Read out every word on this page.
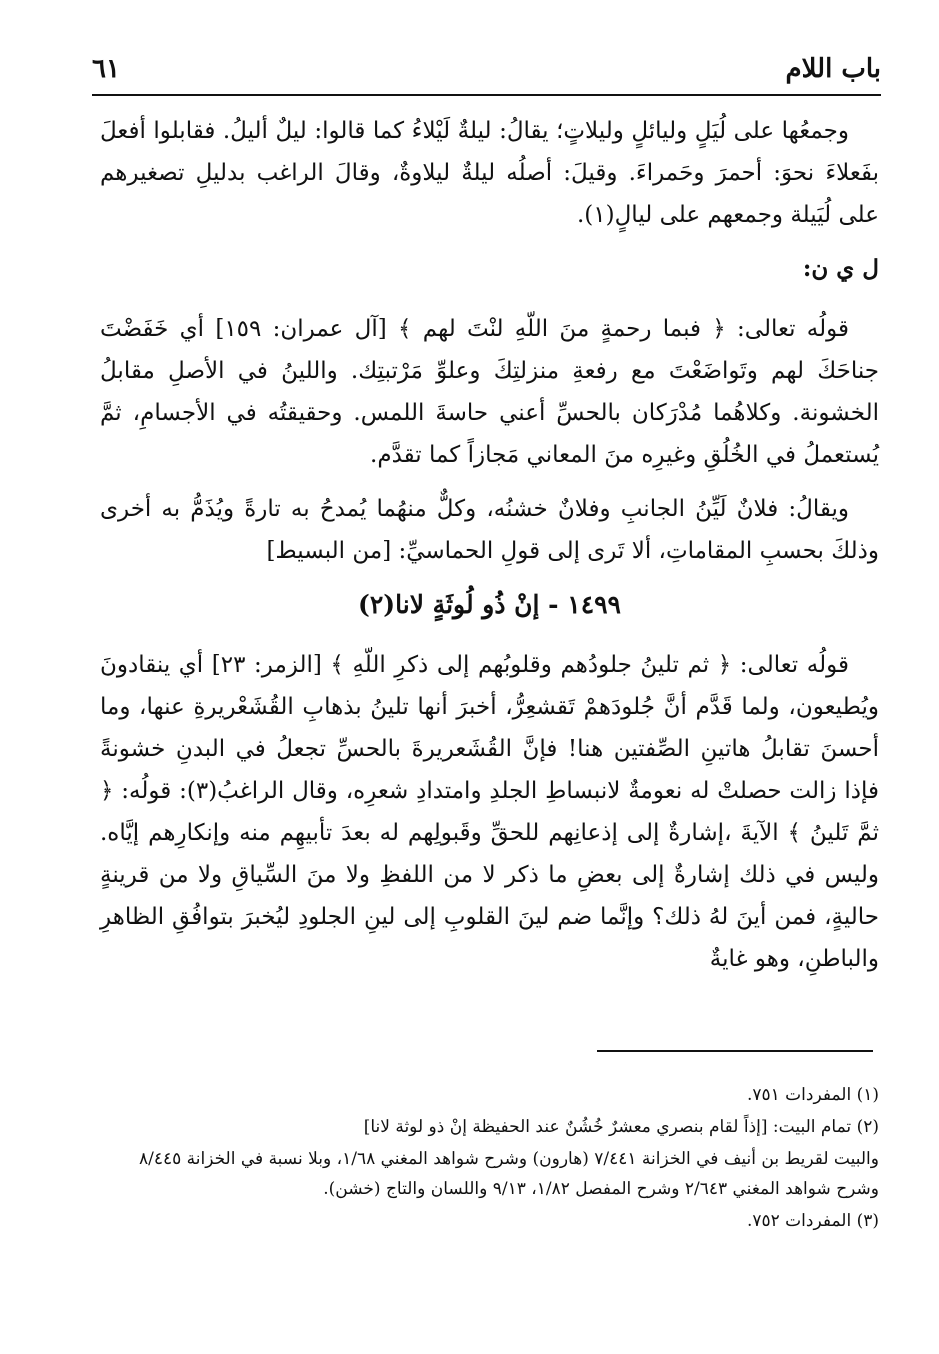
٦١	باب اللام

وجمعُها على لُيَلٍ وليائلٍ وليلاتٍ؛ يقالُ: ليلةٌ لَيْلاءُ كما قالوا: ليلٌ أليلُ. فقابلوا أفعلَ بفَعلاءَ نحوَ: أحمرَ وحَمراءَ. وقيلَ: أصلُه ليلةٌ ليلاوةٌ، وقالَ الراغب بدليلِ تصغيرهم على لُيَيلة وجمعهم على ليالٍ(١).

ل ي ن:

قولُه تعالى: ﴿ فبما رحمةٍ منَ اللّهِ لنْتَ لهم ﴾ [آل عمران: ١٥٩] أي خَفَضْتَ جناحَكَ لهم وتَواضَعْتَ مع رفعةِ منزلتِكَ وعلوِّ مَرْتبتِك. واللينُ في الأصلِ مقابلُ الخشونة. وكلاهُما مُدْرَكان بالحسِّ أعني حاسةَ اللمس. وحقيقتُه في الأجسامِ، ثمَّ يُستعملُ في الخُلُقِ وغيرِه منَ المعاني مَجازاً كما تقدَّم.

ويقالُ: فلانٌ لَيِّنُ الجانبِ وفلانٌ خشنُه، وكلٌّ منهُما يُمدحُ به تارةً ويُذَمُّ به أخرى وذلكَ بحسبِ المقاماتِ، ألا تَرى إلى قولِ الحماسيِّ: [من البسيط]

١٤٩٩ - إنْ ذُو لُوثَةٍ لانا(٢)

قولُه تعالى: ﴿ ثم تلينُ جلودُهم وقلوبُهم إلى ذكرِ اللّهِ ﴾ [الزمر: ٢٣] أي ينقادونَ ويُطيعون، ولما قَدَّم أنَّ جُلودَهمْ تَقشعِرُّ، أخبرَ أنها تلينُ بذهابِ القُشَعْريرةِ عنها، وما أحسنَ تقابلُ هاتينِ الصِّفتين هنا! فإنَّ القُشَعريرةَ بالحسِّ تجعلُ في البدنِ خشونةً فإذا زالت حصلتْ له نعومةٌ لانبساطِ الجلدِ وامتدادِ شعرِه، وقال الراغبُ(٣): قولُه: ﴿ ثمَّ تَلينُ ﴾ الآيةَ ،إشارةٌ إلى إذعانِهم للحقِّ وقَبولِهم له بعدَ تأبيهِم منه وإنكارِهم إيَّاه. وليس في ذلك إشارةٌ إلى بعضِ ما ذكر لا من اللفظِ ولا منَ السِّياقِ ولا من قرينةٍ حاليةٍ، فمن أينَ لهُ ذلك؟ وإنَّما ضم لينَ القلوبِ إلى لينِ الجلودِ ليُخبرَ بتوافُقِ الظاهرِ والباطنِ، وهو غايةٌ

(١) المفردات ٧٥١.
(٢) تمام البيت: [إذاً لقام بنصري معشرٌ خُشُنٌ عند الحفيظة إنْ ذو لوثة لانا]
والبيت لقريط بن أنيف في الخزانة ٧/٤٤١ (هارون) وشرح شواهد المغني ١/٦٨، وبلا نسبة في الخزانة ٨/٤٤٥ وشرح شواهد المغني ٢/٦٤٣ وشرح المفصل ١/٨٢، ٩/١٣ واللسان والتاج (خشن).
(٣) المفردات ٧٥٢.
